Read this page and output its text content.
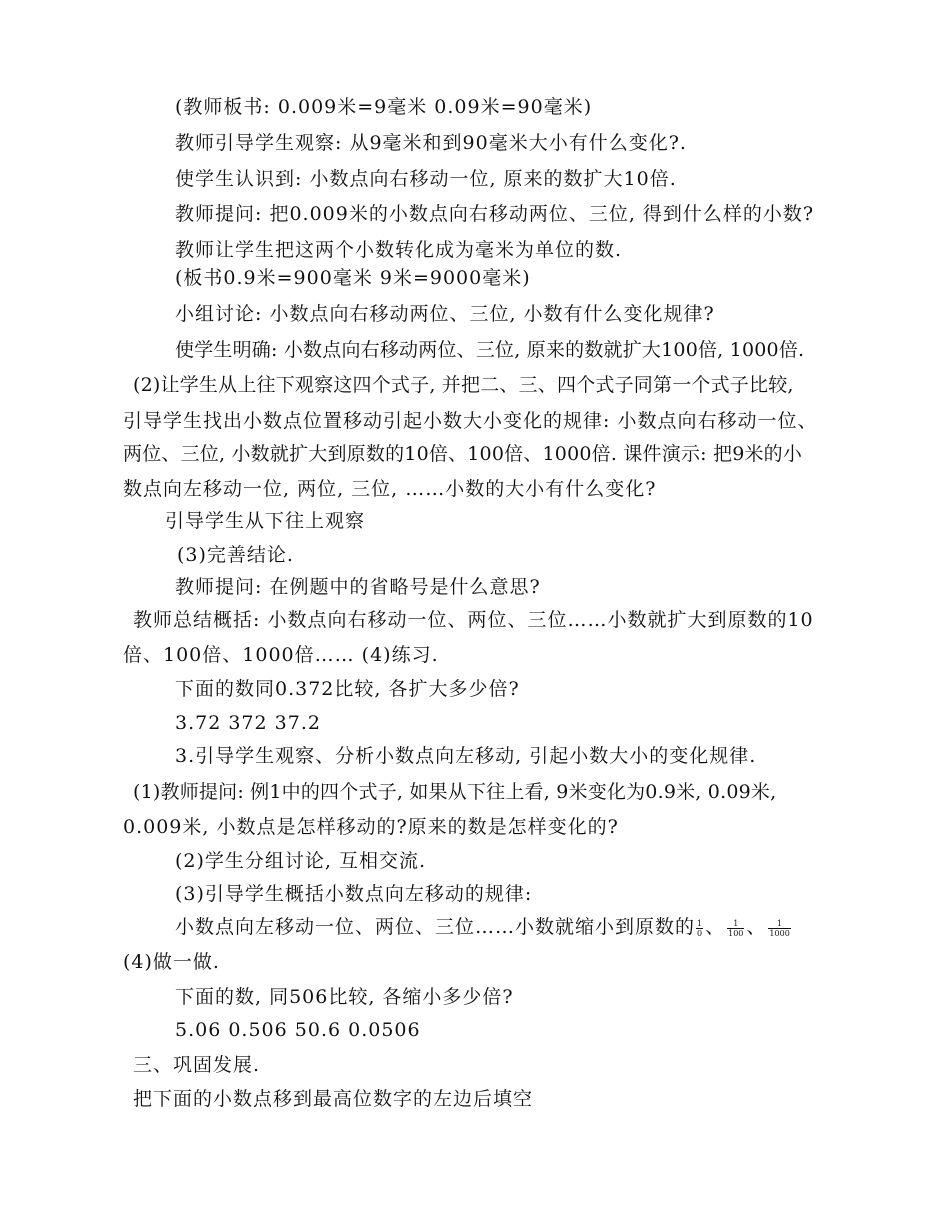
(教师板书: 0.009米=9毫米 0.09米=90毫米)
教师引导学生观察: 从9毫米和到90毫米大小有什么变化?.
使学生认识到: 小数点向右移动一位, 原来的数扩大10倍.
教师提问: 把0.009米的小数点向右移动两位、三位, 得到什么样的小数?
教师让学生把这两个小数转化成为毫米为单位的数.
(板书0.9米=900毫米 9米=9000毫米)
小组讨论: 小数点向右移动两位、三位, 小数有什么变化规律?
使学生明确: 小数点向右移动两位、三位, 原来的数就扩大100倍, 1000倍.
(2)让学生从上往下观察这四个式子, 并把二、三、四个式子同第一个式子比较,
引导学生找出小数点位置移动引起小数大小变化的规律: 小数点向右移动一位、
两位、三位, 小数就扩大到原数的10倍、100倍、1000倍. 课件演示: 把9米的小
数点向左移动一位, 两位, 三位, ……小数的大小有什么变化?
引导学生从下往上观察
(3)完善结论.
教师提问: 在例题中的省略号是什么意思?
教师总结概括: 小数点向右移动一位、两位、三位……小数就扩大到原数的10
倍、100倍、1000倍…… (4)练习.
下面的数同0.372比较, 各扩大多少倍?
3.72 372 37.2
3.引导学生观察、分析小数点向左移动, 引起小数大小的变化规律.
(1)教师提问: 例1中的四个式子, 如果从下往上看, 9米变化为0.9米, 0.09米,
0.009米, 小数点是怎样移动的?原来的数是怎样变化的?
(2)学生分组讨论, 互相交流.
(3)引导学生概括小数点向左移动的规律:
小数点向左移动一位、两位、三位……小数就缩小到原数的 $\frac{1}{0}$ 、 $\frac{1}{100}$ 、 $\frac{1}{1000}$
(4)做一做.
下面的数, 同506比较, 各缩小多少倍?
5.06 0.506 50.6 0.0506
三、巩固发展.
把下面的小数点移到最高位数字的左边后填空
